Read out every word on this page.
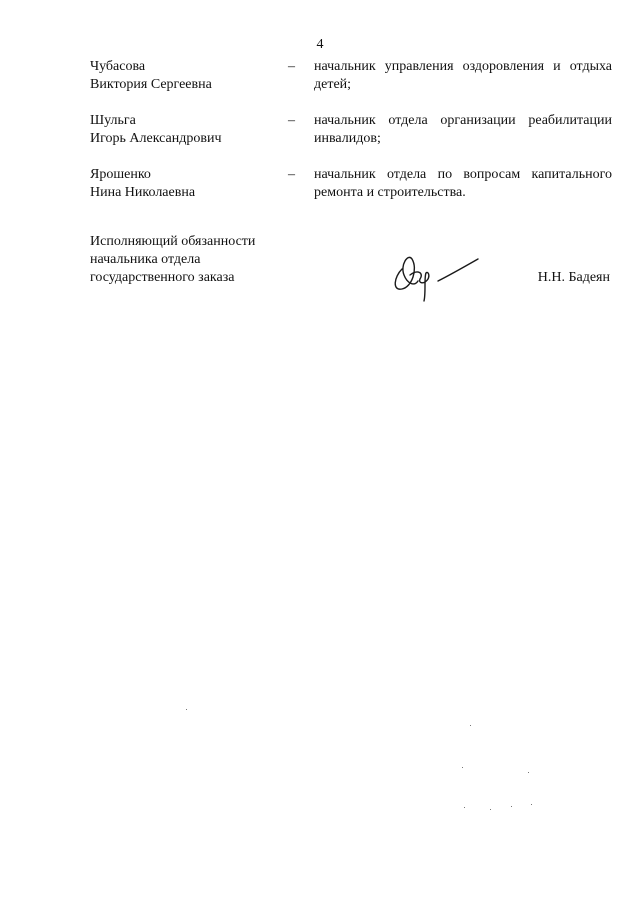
4
Чубасова
Виктория Сергеевна
–	начальник управления оздоровления и отдыха детей;
Шульга
Игорь Александрович
–	начальник отдела организации реабилитации инвалидов;
Ярошенко
Нина Николаевна
–	начальник отдела по вопросам капитального ремонта и строительства.
Исполняющий обязанности
начальника отдела
государственного заказа	Н.Н. Бадеян
